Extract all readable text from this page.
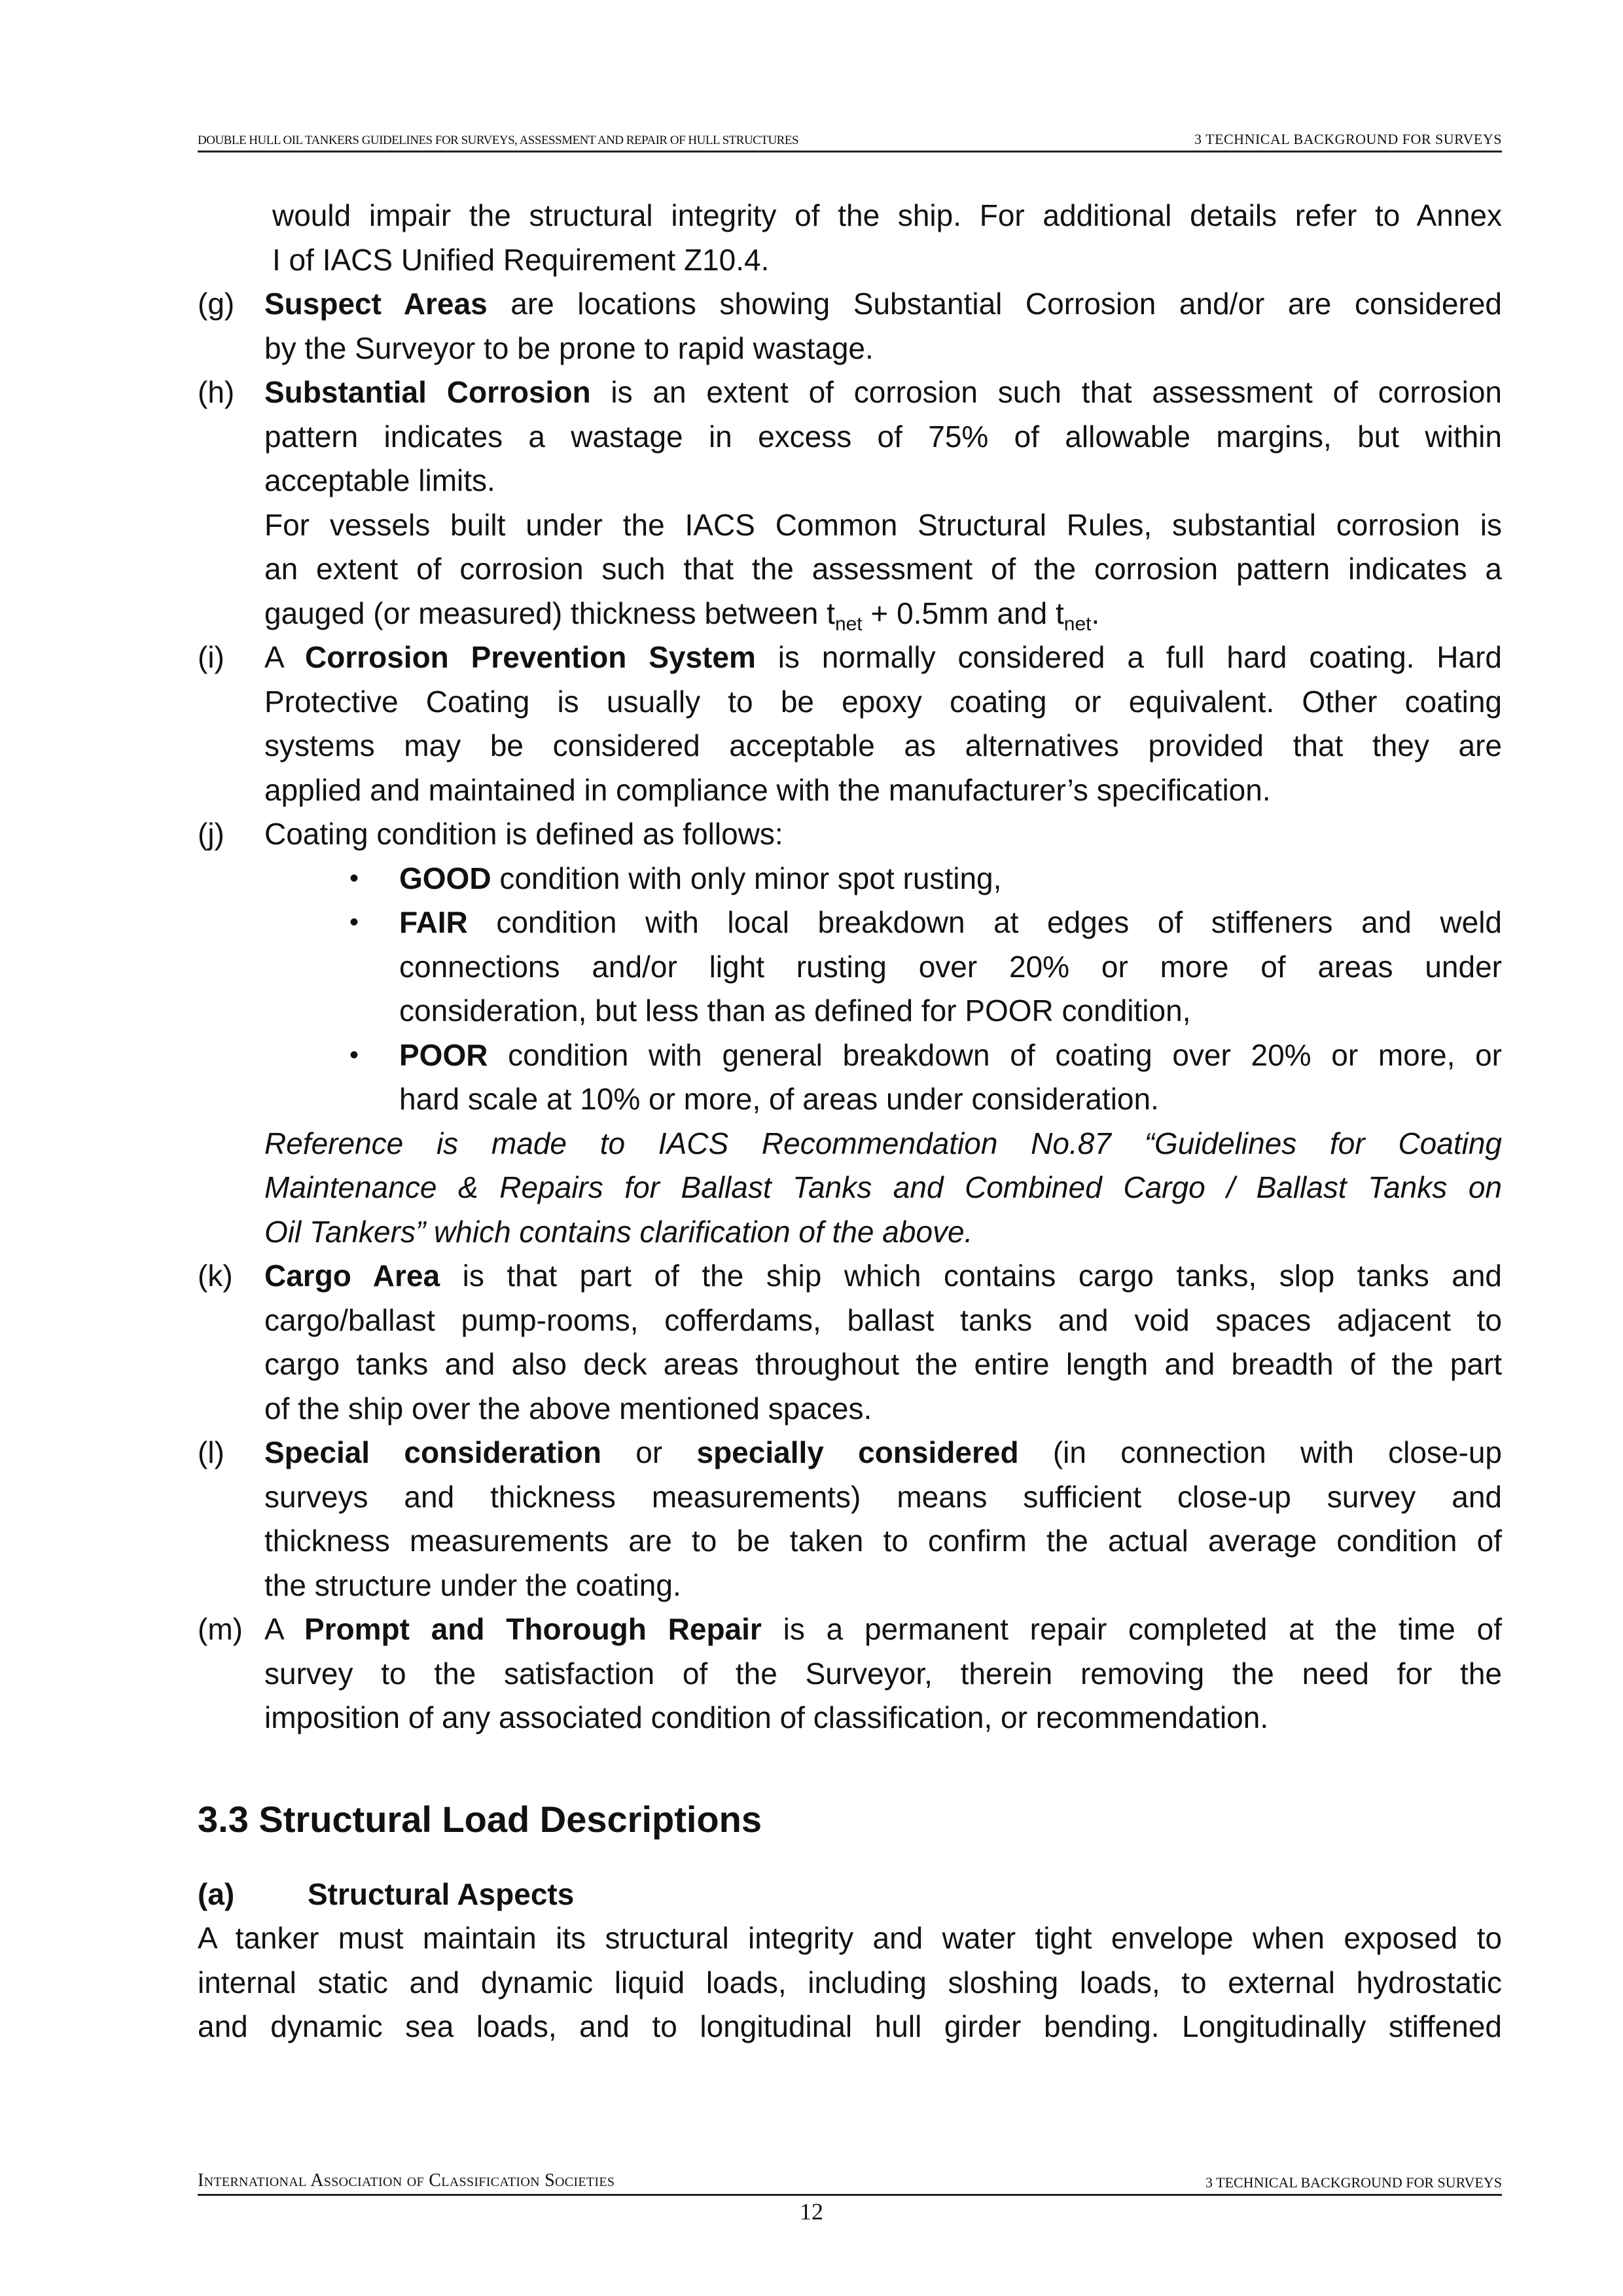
DOUBLE HULL OIL TANKERS GUIDELINES FOR SURVEYS, ASSESSMENT AND REPAIR OF HULL STRUCTURES	3 TECHNICAL BACKGROUND FOR SURVEYS
would impair the structural integrity of the ship. For additional details refer to Annex
I of IACS Unified Requirement Z10.4.
(g) Suspect Areas are locations showing Substantial Corrosion and/or are considered
by the Surveyor to be prone to rapid wastage.
(h) Substantial Corrosion is an extent of corrosion such that assessment of corrosion
pattern indicates a wastage in excess of 75% of allowable margins, but within
acceptable limits.
For vessels built under the IACS Common Structural Rules, substantial corrosion is
an extent of corrosion such that the assessment of the corrosion pattern indicates a
gauged (or measured) thickness between $t_{net} + 0.5mm$ and $t_{net}$.
(i) A Corrosion Prevention System is normally considered a full hard coating. Hard
Protective Coating is usually to be epoxy coating or equivalent. Other coating
systems may be considered acceptable as alternatives provided that they are
applied and maintained in compliance with the manufacturer’s specification.
(j) Coating condition is defined as follows:
• GOOD condition with only minor spot rusting,
• FAIR condition with local breakdown at edges of stiffeners and weld
connections and/or light rusting over 20% or more of areas under
consideration, but less than as defined for POOR condition,
• POOR condition with general breakdown of coating over 20% or more, or
hard scale at 10% or more, of areas under consideration.
Reference is made to IACS Recommendation No.87 “Guidelines for Coating
Maintenance & Repairs for Ballast Tanks and Combined Cargo / Ballast Tanks on
Oil Tankers” which contains clarification of the above.
(k) Cargo Area is that part of the ship which contains cargo tanks, slop tanks and
cargo/ballast pump-rooms, cofferdams, ballast tanks and void spaces adjacent to
cargo tanks and also deck areas throughout the entire length and breadth of the part
of the ship over the above mentioned spaces.
(l) Special consideration or specially considered (in connection with close-up
surveys and thickness measurements) means sufficient close-up survey and
thickness measurements are to be taken to confirm the actual average condition of
the structure under the coating.
(m) A Prompt and Thorough Repair is a permanent repair completed at the time of
survey to the satisfaction of the Surveyor, therein removing the need for the
imposition of any associated condition of classification, or recommendation.
3.3 Structural Load Descriptions
(a) Structural Aspects
A tanker must maintain its structural integrity and water tight envelope when exposed to
internal static and dynamic liquid loads, including sloshing loads, to external hydrostatic
and dynamic sea loads, and to longitudinal hull girder bending. Longitudinally stiffened
International Association of Classification Societies	3 TECHNICAL BACKGROUND FOR SURVEYS
12
